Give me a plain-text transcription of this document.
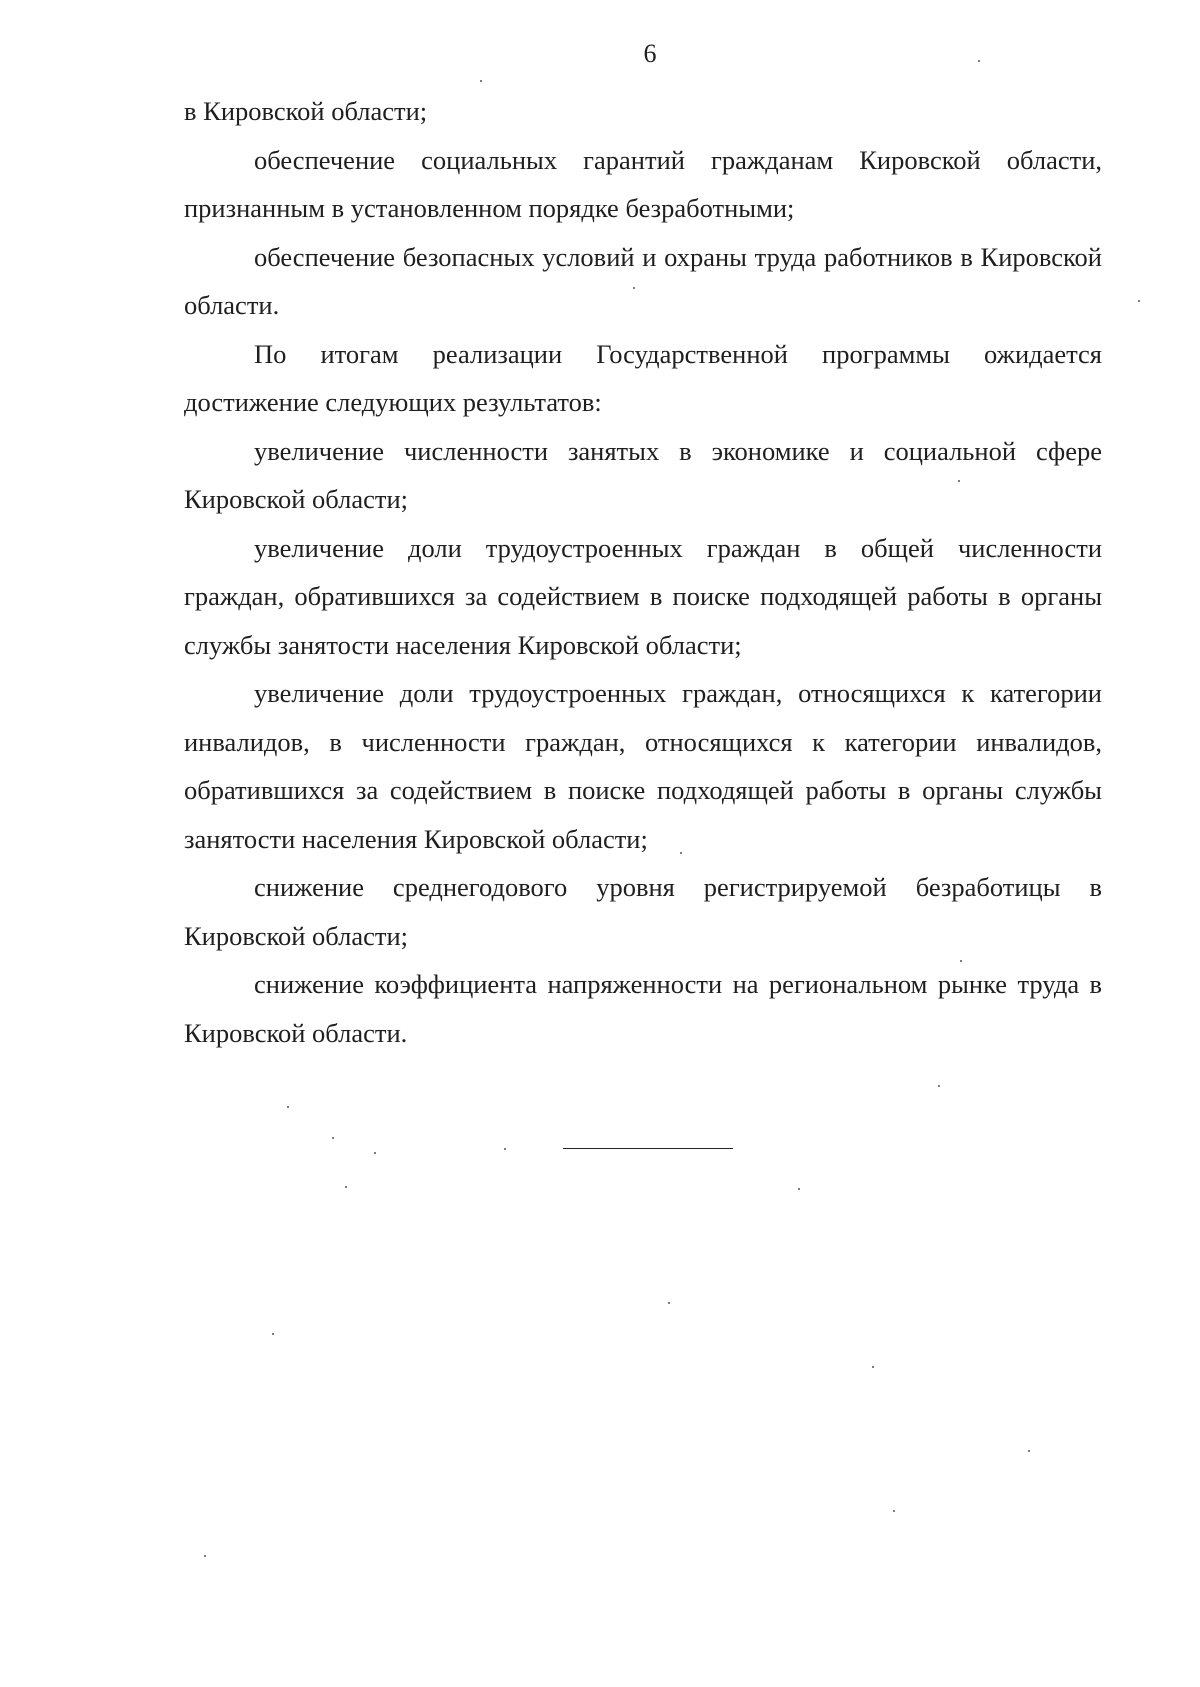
6

в Кировской области;

обеспечение социальных гарантий гражданам Кировской области, признанным в установленном порядке безработными;

обеспечение безопасных условий и охраны труда работников в Кировской области.

По итогам реализации Государственной программы ожидается достижение следующих результатов:

увеличение численности занятых в экономике и социальной сфере Кировской области;

увеличение доли трудоустроенных граждан в общей численности граждан, обратившихся за содействием в поиске подходящей работы в органы службы занятости населения Кировской области;

увеличение доли трудоустроенных граждан, относящихся к категории инвалидов, в численности граждан, относящихся к категории инвалидов, обратившихся за содействием в поиске подходящей работы в органы службы занятости населения Кировской области;

снижение среднегодового уровня регистрируемой безработицы в Кировской области;

снижение коэффициента напряженности на региональном рынке труда в Кировской области.
